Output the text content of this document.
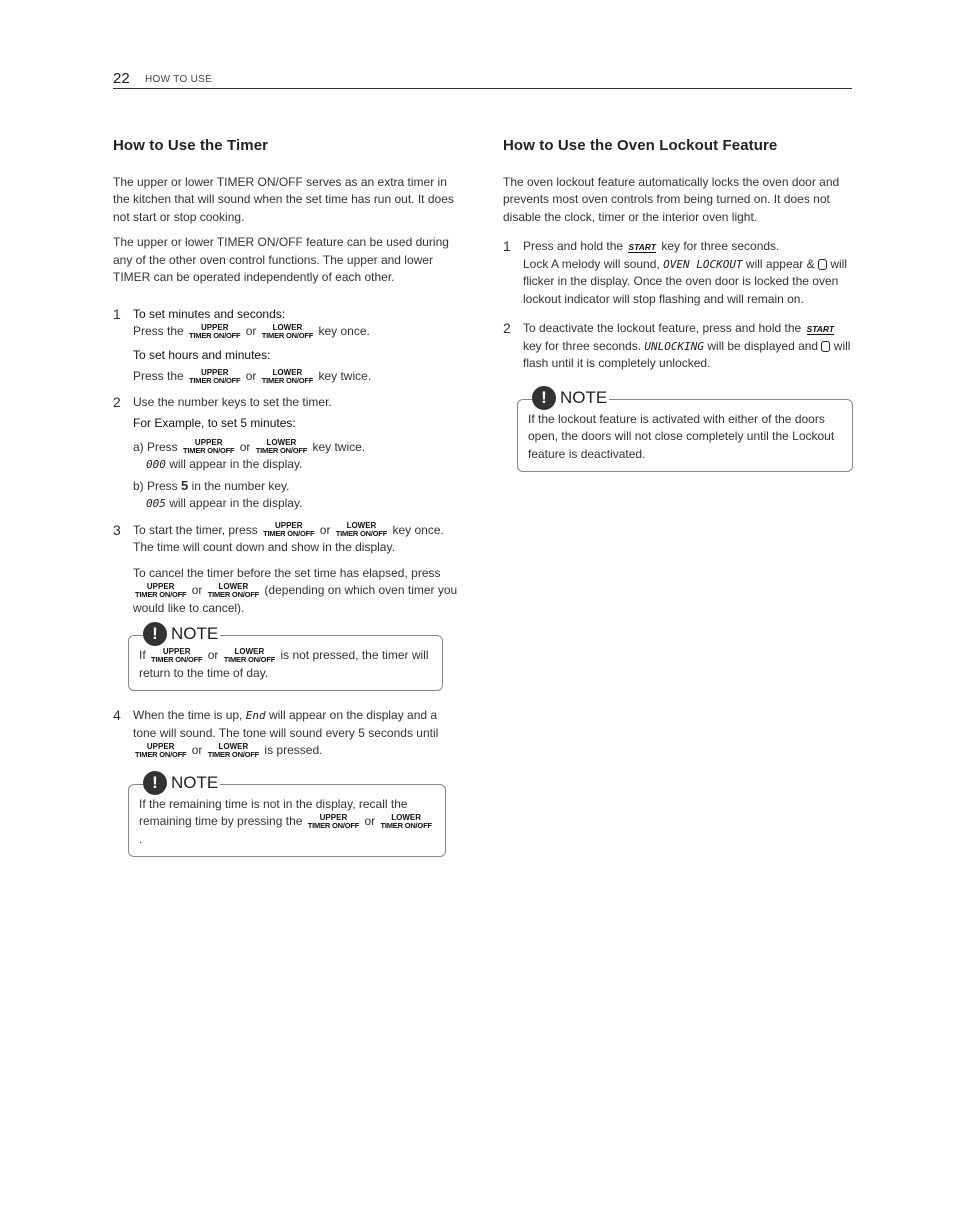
22 HOW TO USE
How to Use the Timer

The upper or lower TIMER ON/OFF serves as an extra timer in the kitchen that will sound when the set time has run out. It does not start or stop cooking.

The upper or lower TIMER ON/OFF feature can be used during any of the other oven control functions. The upper and lower TIMER can be operated independently of each other.

1 To set minutes and seconds:
Press the	UPPER
TIMER ON/OFF or	LOWER
TIMER ON/OFF key once.
To set hours and minutes:
Press the	UPPER
TIMER ON/OFF or	LOWER
TIMER ON/OFF key twice.
2 Use the number keys to set the timer.
For Example, to set 5 minutes:
a) Press	UPPER
TIMER ON/OFF or	LOWER
TIMER ON/OFF key twice.
000 will appear in the display.
b) Press 5 in the number key.
005 will appear in the display.
3 To start the timer, press	UPPER
TIMER ON/OFF or	LOWER
TIMER ON/OFF key once. The time will count down and show in the display.
To cancel the timer before the set time has elapsed, press
UPPER
TIMER ON/OFF or	LOWER
TIMER ON/OFF (depending on which oven timer you would like to cancel).
! NOTE
If	UPPER
TIMER ON/OFF or	LOWER
TIMER ON/OFF is not pressed, the timer will return to the time of day.
4 When the time is up, End will appear on the display and a tone will sound. The tone will sound every 5 seconds until
UPPER
TIMER ON/OFF or	LOWER
TIMER ON/OFF is pressed.
! NOTE
If the remaining time is not in the display, recall the remaining time by pressing the	UPPER
TIMER ON/OFF or	LOWER
TIMER ON/OFF
.
How to Use the Oven Lockout Feature

The oven lockout feature automatically locks the oven door and prevents most oven controls from being turned on. It does not disable the clock, timer or the interior oven light.

1 Press and hold the START key for three seconds.
Lock A melody will sound, OVEN LOCKOUT will appear & will flicker in the display. Once the oven door is locked the oven lockout indicator will stop flashing and will remain on.
2 To deactivate the lockout feature, press and hold the START key for three seconds. UNLOCKING will be displayed and will flash until it is completely unlocked.
! NOTE
If the lockout feature is activated with either of the doors open, the doors will not close completely until the Lockout feature is deactivated.
